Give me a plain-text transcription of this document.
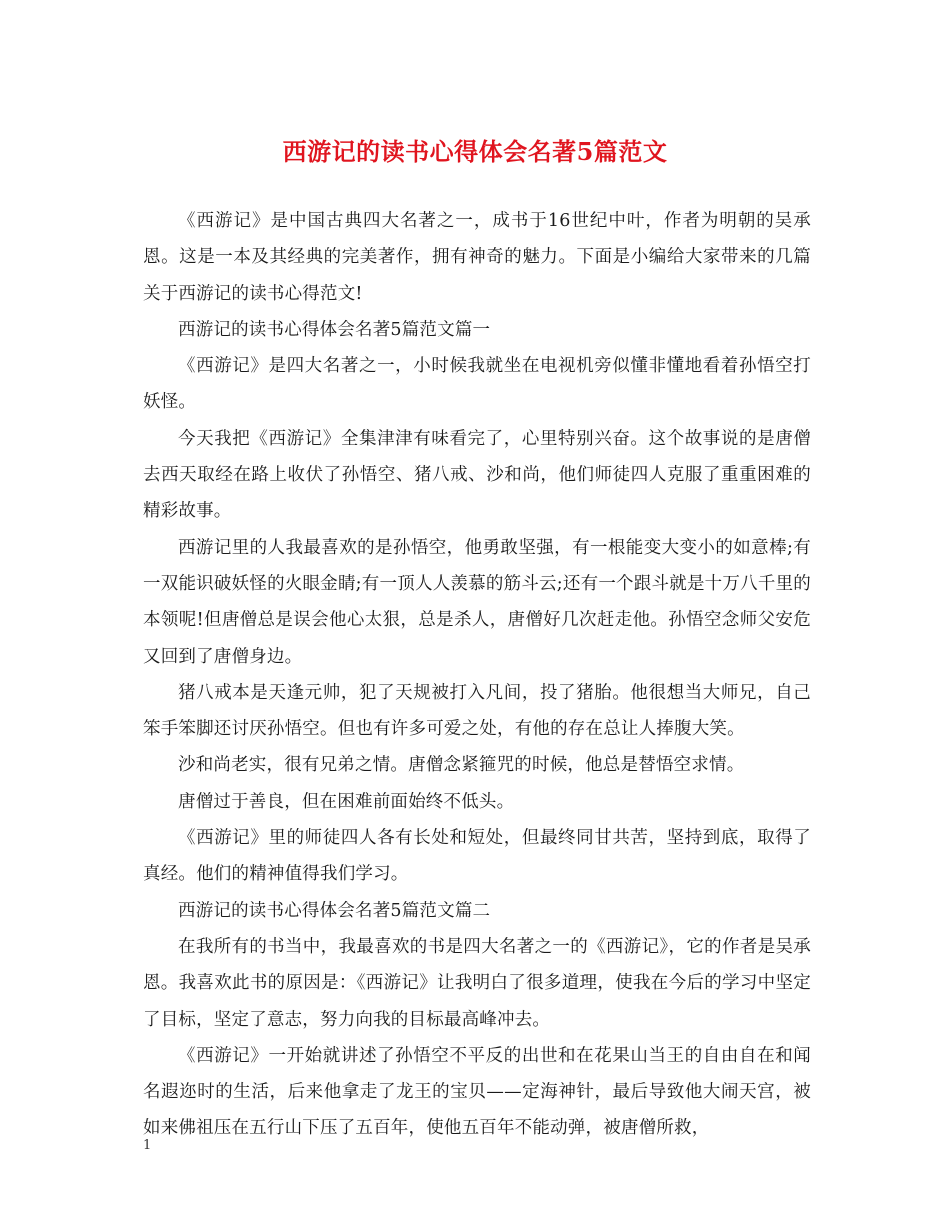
西游记的读书心得体会名著5篇范文

《西游记》是中国古典四大名著之一，成书于16世纪中叶，作者为明朝的吴承恩。这是一本及其经典的完美著作，拥有神奇的魅力。下面是小编给大家带来的几篇关于西游记的读书心得范文!

西游记的读书心得体会名著5篇范文篇一

《西游记》是四大名著之一，小时候我就坐在电视机旁似懂非懂地看着孙悟空打妖怪。

今天我把《西游记》全集津津有味看完了，心里特别兴奋。这个故事说的是唐僧去西天取经在路上收伏了孙悟空、猪八戒、沙和尚，他们师徒四人克服了重重困难的精彩故事。

西游记里的人我最喜欢的是孙悟空，他勇敢坚强，有一根能变大变小的如意棒;有一双能识破妖怪的火眼金睛;有一顶人人羡慕的筋斗云;还有一个跟斗就是十万八千里的本领呢!但唐僧总是误会他心太狠，总是杀人，唐僧好几次赶走他。孙悟空念师父安危又回到了唐僧身边。

猪八戒本是天逢元帅，犯了天规被打入凡间，投了猪胎。他很想当大师兄，自己笨手笨脚还讨厌孙悟空。但也有许多可爱之处，有他的存在总让人捧腹大笑。

沙和尚老实，很有兄弟之情。唐僧念紧箍咒的时候，他总是替悟空求情。

唐僧过于善良，但在困难前面始终不低头。

《西游记》里的师徒四人各有长处和短处，但最终同甘共苦，坚持到底，取得了真经。他们的精神值得我们学习。

西游记的读书心得体会名著5篇范文篇二

在我所有的书当中，我最喜欢的书是四大名著之一的《西游记》，它的作者是吴承恩。我喜欢此书的原因是：《西游记》让我明白了很多道理，使我在今后的学习中坚定了目标，坚定了意志，努力向我的目标最高峰冲去。

《西游记》一开始就讲述了孙悟空不平反的出世和在花果山当王的自由自在和闻名遐迩时的生活，后来他拿走了龙王的宝贝——定海神针，最后导致他大闹天宫，被如来佛祖压在五行山下压了五百年，使他五百年不能动弹，被唐僧所救，

1
